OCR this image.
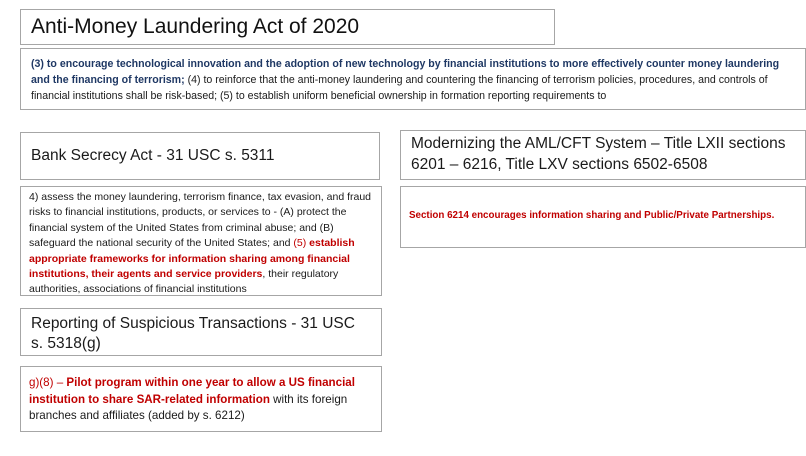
Anti-Money Laundering Act of 2020
(3) to encourage technological innovation and the adoption of new technology by financial institutions to more effectively counter money laundering and the financing of terrorism; (4) to reinforce that the anti-money laundering and countering the financing of terrorism policies, procedures, and controls of financial institutions shall be risk-based; (5) to establish uniform beneficial ownership in formation reporting requirements to
Bank Secrecy Act - 31 USC s. 5311
4) assess the money laundering, terrorism finance, tax evasion, and fraud risks to financial institutions, products, or services to - (A) protect the financial system of the United States from criminal abuse; and (B) safeguard the national security of the United States; and (5) establish appropriate frameworks for information sharing among financial institutions, their agents and service providers, their regulatory authorities, associations of financial institutions
Reporting of Suspicious Transactions - 31 USC s. 5318(g)
g)(8) – Pilot program within one year to allow a US financial institution to share SAR-related information with its foreign branches and affiliates (added by s. 6212)
Modernizing the AML/CFT System – Title LXII sections 6201 – 6216, Title LXV sections 6502-6508
Section 6214 encourages information sharing and Public/Private Partnerships.
